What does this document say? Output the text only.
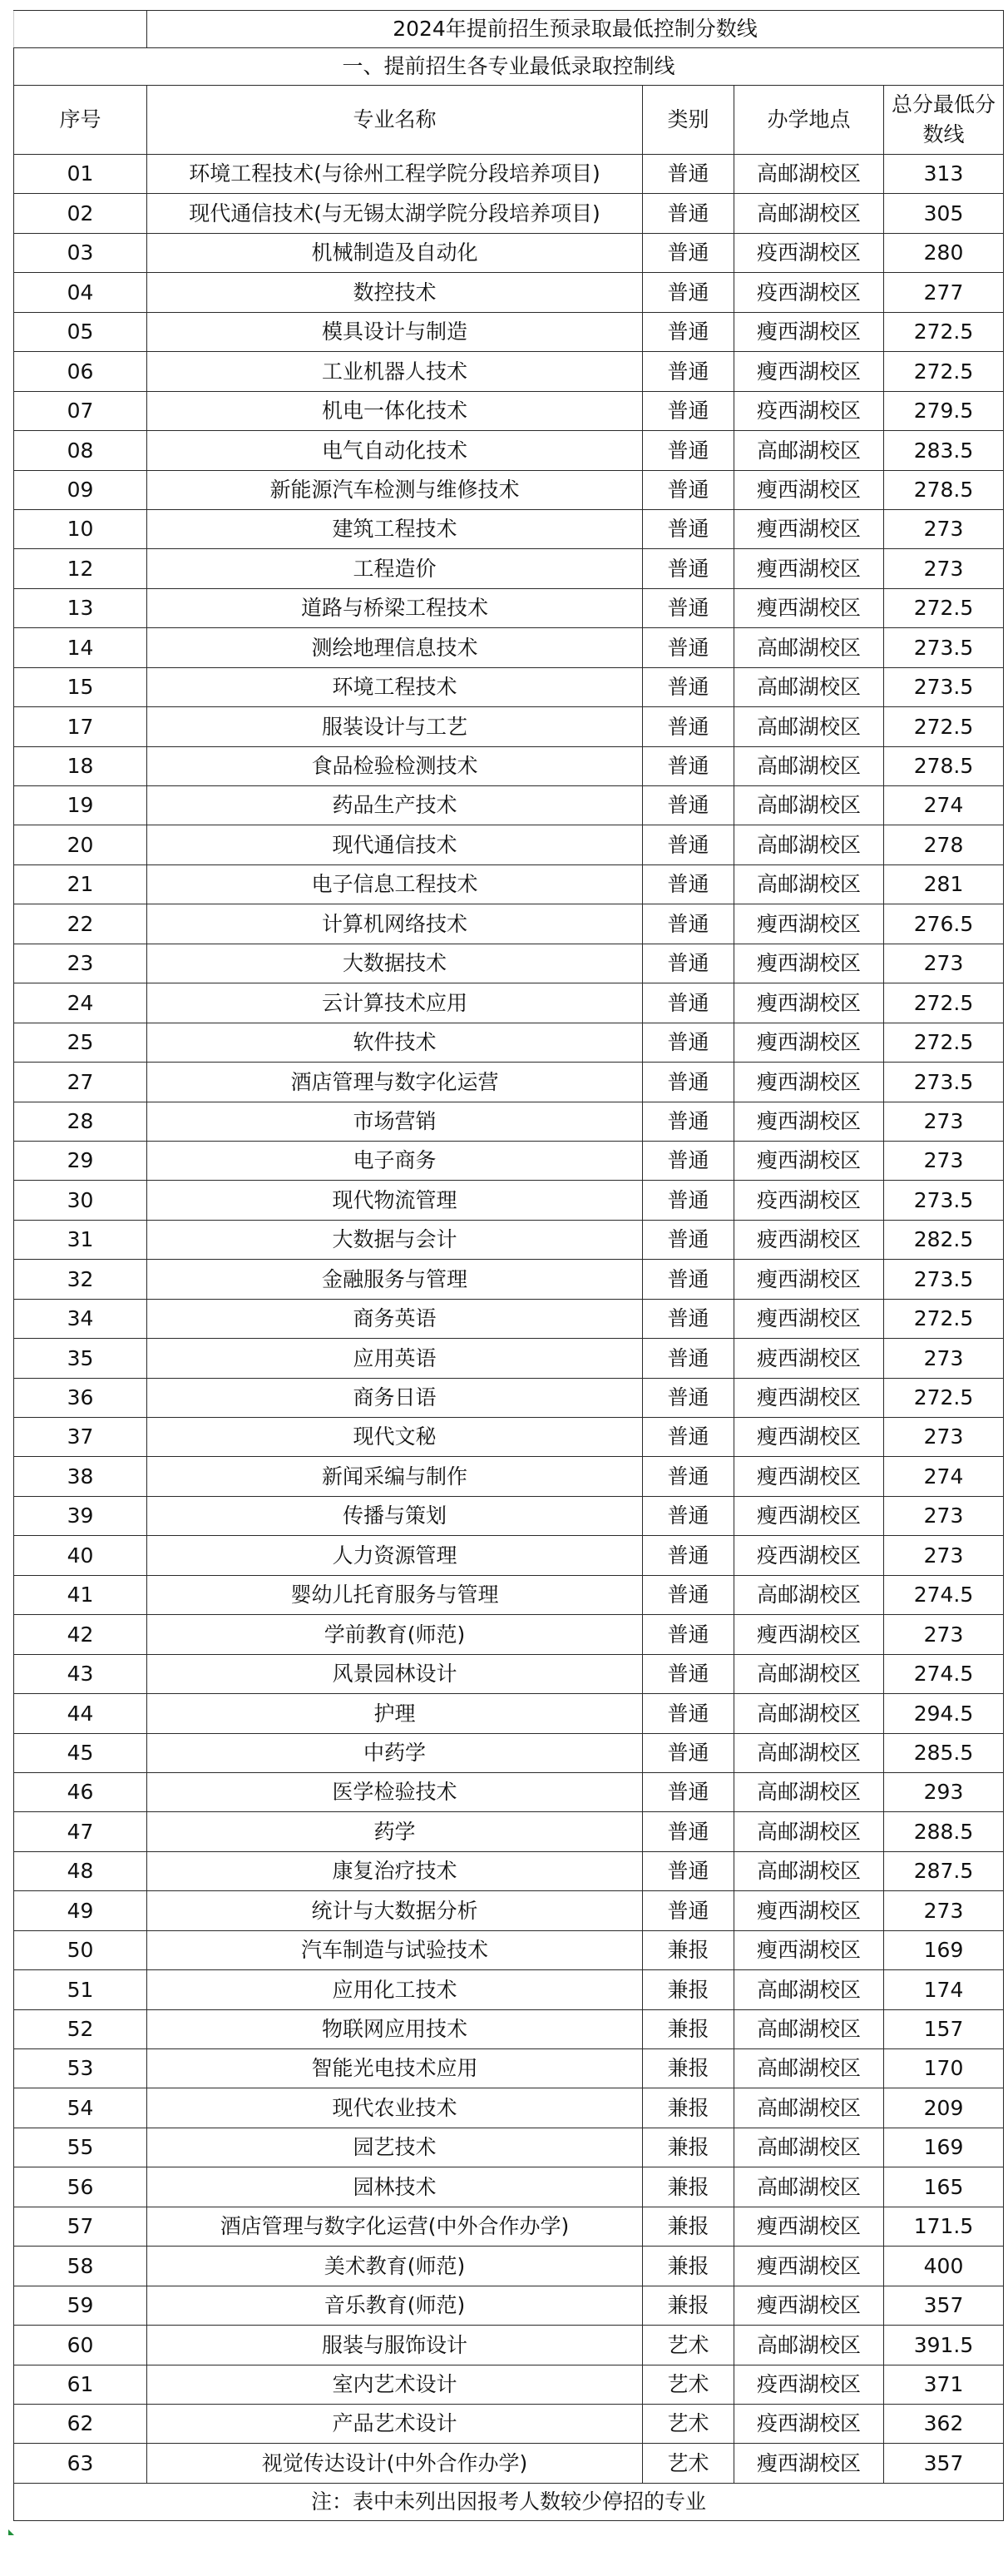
	2024年提前招生预录取最低控制分数线			
一、提前招生各专业最低录取控制线				
序号	专业名称	类别	办学地点	总分最低分数线
01	环境工程技术(与徐州工程学院分段培养项目)	普通	高邮湖校区	313
02	现代通信技术(与无锡太湖学院分段培养项目)	普通	高邮湖校区	305
03	机械制造及自动化	普通	疫西湖校区	280
04	数控技术	普通	疫西湖校区	277
05	模具设计与制造	普通	瘦西湖校区	272.5
06	工业机器人技术	普通	瘦西湖校区	272.5
07	机电一体化技术	普通	疫西湖校区	279.5
08	电气自动化技术	普通	高邮湖校区	283.5
09	新能源汽车检测与维修技术	普通	瘦西湖校区	278.5
10	建筑工程技术	普通	瘦西湖校区	273
12	工程造价	普通	瘦西湖校区	273
13	道路与桥梁工程技术	普通	瘦西湖校区	272.5
14	测绘地理信息技术	普通	高邮湖校区	273.5
15	环境工程技术	普通	高邮湖校区	273.5
17	服装设计与工艺	普通	高邮湖校区	272.5
18	食品检验检测技术	普通	高邮湖校区	278.5
19	药品生产技术	普通	高邮湖校区	274
20	现代通信技术	普通	高邮湖校区	278
21	电子信息工程技术	普通	高邮湖校区	281
22	计算机网络技术	普通	瘦西湖校区	276.5
23	大数据技术	普通	瘦西湖校区	273
24	云计算技术应用	普通	瘦西湖校区	272.5
25	软件技术	普通	瘦西湖校区	272.5
27	酒店管理与数字化运营	普通	瘦西湖校区	273.5
28	市场营销	普通	瘦西湖校区	273
29	电子商务	普通	瘦西湖校区	273
30	现代物流管理	普通	疫西湖校区	273.5
31	大数据与会计	普通	疲西湖校区	282.5
32	金融服务与管理	普通	瘦西湖校区	273.5
34	商务英语	普通	瘦西湖校区	272.5
35	应用英语	普通	疲西湖校区	273
36	商务日语	普通	瘦西湖校区	272.5
37	现代文秘	普通	瘦西湖校区	273
38	新闻采编与制作	普通	瘦西湖校区	274
39	传播与策划	普通	瘦西湖校区	273
40	人力资源管理	普通	疫西湖校区	273
41	婴幼儿托育服务与管理	普通	高邮湖校区	274.5
42	学前教育(师范)	普通	瘦西湖校区	273
43	风景园林设计	普通	高邮湖校区	274.5
44	护理	普通	高邮湖校区	294.5
45	中药学	普通	高邮湖校区	285.5
46	医学检验技术	普通	高邮湖校区	293
47	药学	普通	高邮湖校区	288.5
48	康复治疗技术	普通	高邮湖校区	287.5
49	统计与大数据分析	普通	瘦西湖校区	273
50	汽车制造与试验技术	兼报	瘦西湖校区	169
51	应用化工技术	兼报	高邮湖校区	174
52	物联网应用技术	兼报	高邮湖校区	157
53	智能光电技术应用	兼报	高邮湖校区	170
54	现代农业技术	兼报	高邮湖校区	209
55	园艺技术	兼报	高邮湖校区	169
56	园林技术	兼报	高邮湖校区	165
57	酒店管理与数字化运营(中外合作办学)	兼报	瘦西湖校区	171.5
58	美术教育(师范)	兼报	瘦西湖校区	400
59	音乐教育(师范)	兼报	瘦西湖校区	357
60	服装与服饰设计	艺术	高邮湖校区	391.5
61	室内艺术设计	艺术	疫西湖校区	371
62	产品艺术设计	艺术	疫西湖校区	362
63	视觉传达设计(中外合作办学)	艺术	瘦西湖校区	357
注：表中未列出因报考人数较少停招的专业				
